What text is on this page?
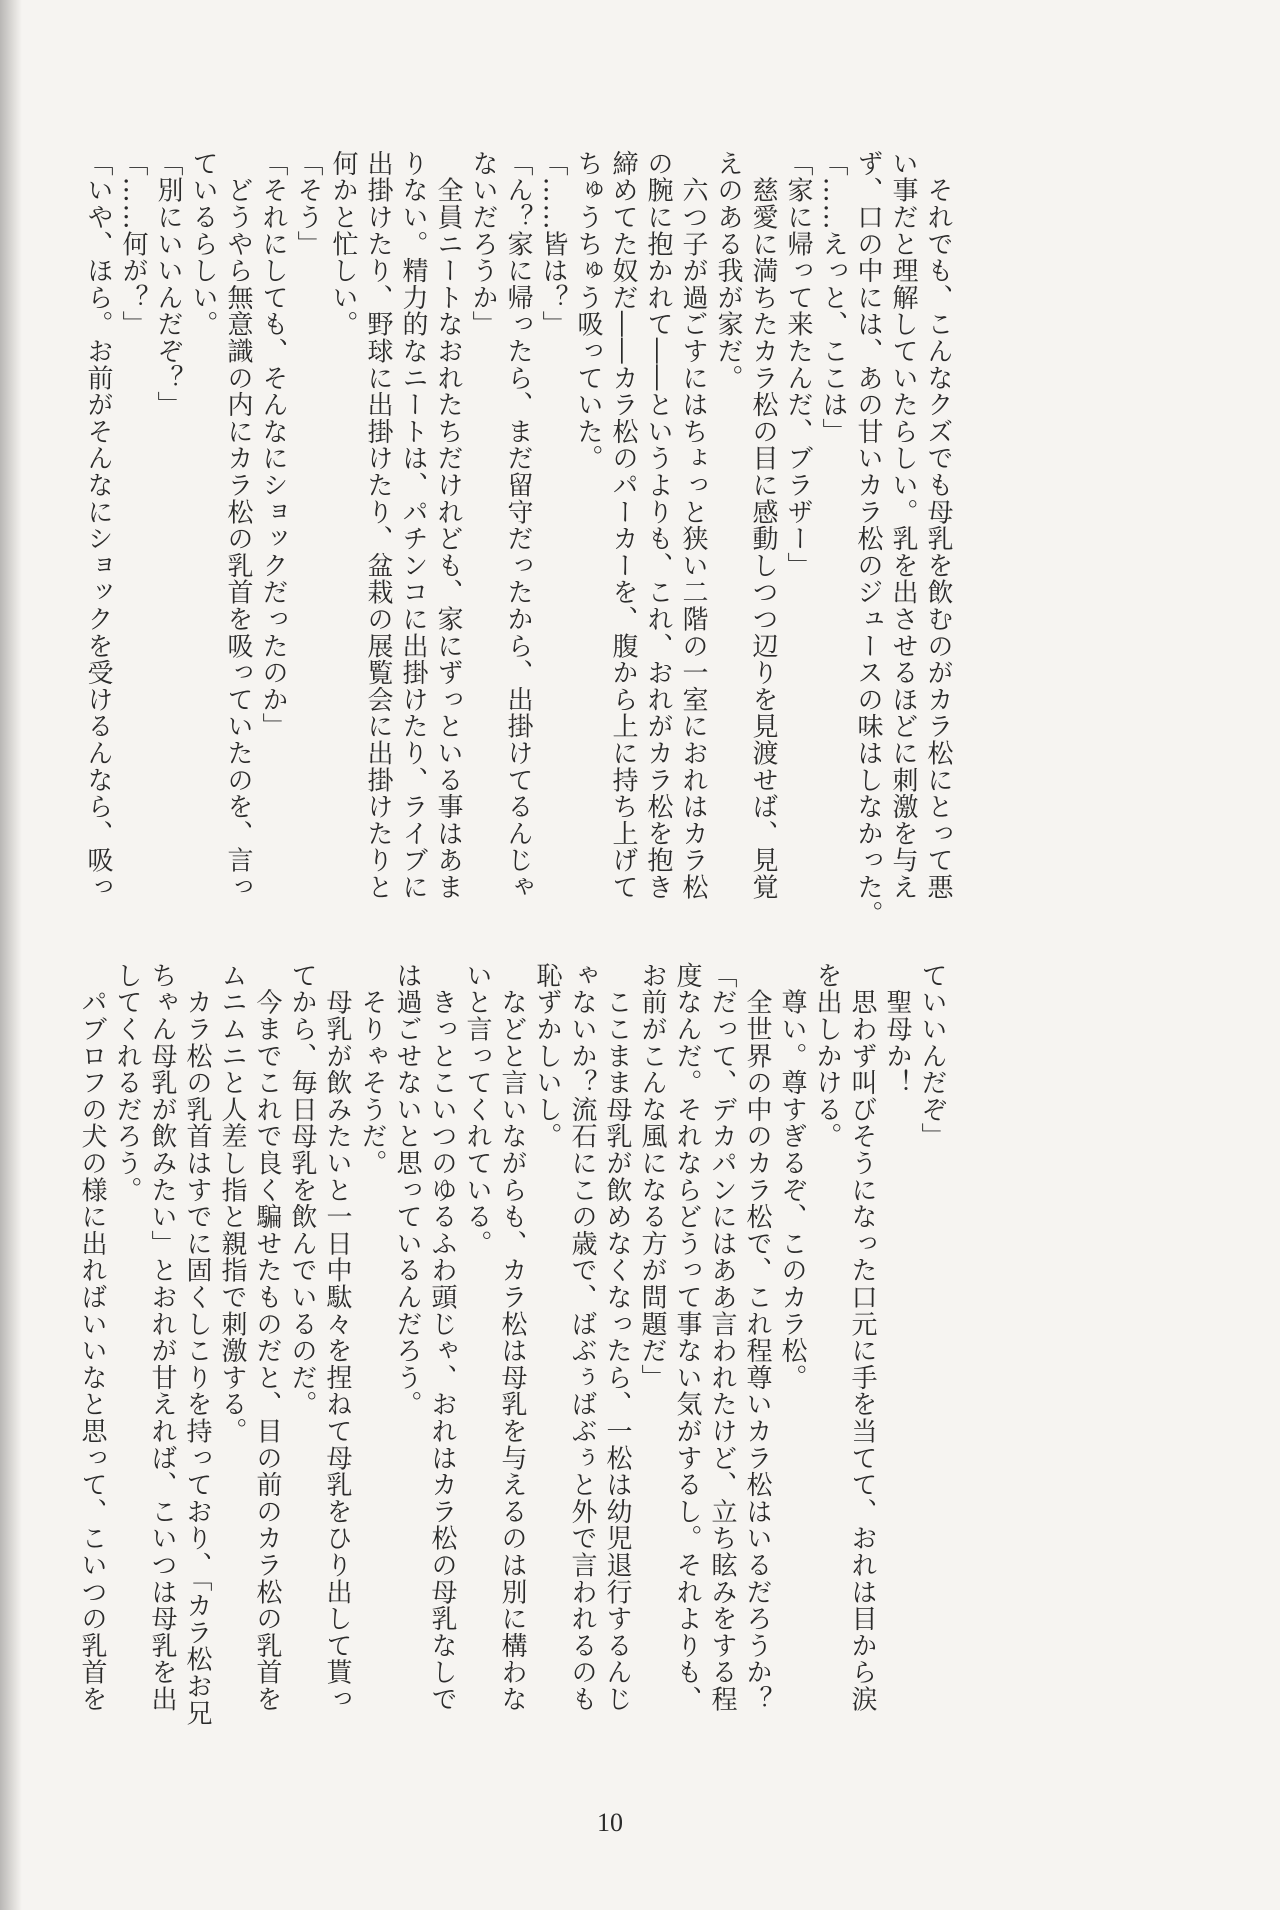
　それでも、こんなクズでも母乳を飲むのがカラ松にとって悪
い事だと理解していたらしい。乳を出させるほどに刺激を与え
ず、口の中には、あの甘いカラ松のジュースの味はしなかった。
「……えっと、ここは」
「家に帰って来たんだ、ブラザー」
　慈愛に満ちたカラ松の目に感動しつつ辺りを見渡せば、見覚
えのある我が家だ。
　六つ子が過ごすにはちょっと狭い二階の一室におれはカラ松
の腕に抱かれて――というよりも、これ、おれがカラ松を抱き
締めてた奴だ――カラ松のパーカーを、腹から上に持ち上げて
ちゅうちゅう吸っていた。
「……皆は？」
「ん？家に帰ったら、まだ留守だったから、出掛けてるんじゃ
ないだろうか」
　全員ニートなおれたちだけれども、家にずっといる事はあま
りない。精力的なニートは、パチンコに出掛けたり、ライブに
出掛けたり、野球に出掛けたり、盆栽の展覧会に出掛けたりと
何かと忙しい。
「そう」
「それにしても、そんなにショックだったのか」
　どうやら無意識の内にカラ松の乳首を吸っていたのを、言っ
ているらしい。
「別にいいんだぞ？」
「……何が？」
「いや、ほら。お前がそんなにショックを受けるんなら、吸っ
ていいんだぞ」
　聖母か！
　思わず叫びそうになった口元に手を当てて、おれは目から涙
を出しかける。
　尊い。尊すぎるぞ、このカラ松。
　全世界の中のカラ松で、これ程尊いカラ松はいるだろうか？
「だって、デカパンにはああ言われたけど、立ち眩みをする程
度なんだ。それならどうって事ない気がするし。それよりも、
お前がこんな風になる方が問題だ」
　ここまま母乳が飲めなくなったら、一松は幼児退行するんじ
ゃないか？流石にこの歳で、ばぶぅばぶぅと外で言われるのも
恥ずかしいし。
　などと言いながらも、カラ松は母乳を与えるのは別に構わな
いと言ってくれている。
　きっとこいつのゆるふわ頭じゃ、おれはカラ松の母乳なしで
は過ごせないと思っているんだろう。
　そりゃそうだ。
　母乳が飲みたいと一日中駄々を捏ねて母乳をひり出して貰っ
てから、毎日母乳を飲んでいるのだ。
　今までこれで良く騙せたものだと、目の前のカラ松の乳首を
ムニムニと人差し指と親指で刺激する。
　カラ松の乳首はすでに固くしこりを持っており、「カラ松お兄
ちゃん母乳が飲みたい」とおれが甘えれば、こいつは母乳を出
してくれるだろう。
　パブロフの犬の様に出ればいいなと思って、こいつの乳首を
10
